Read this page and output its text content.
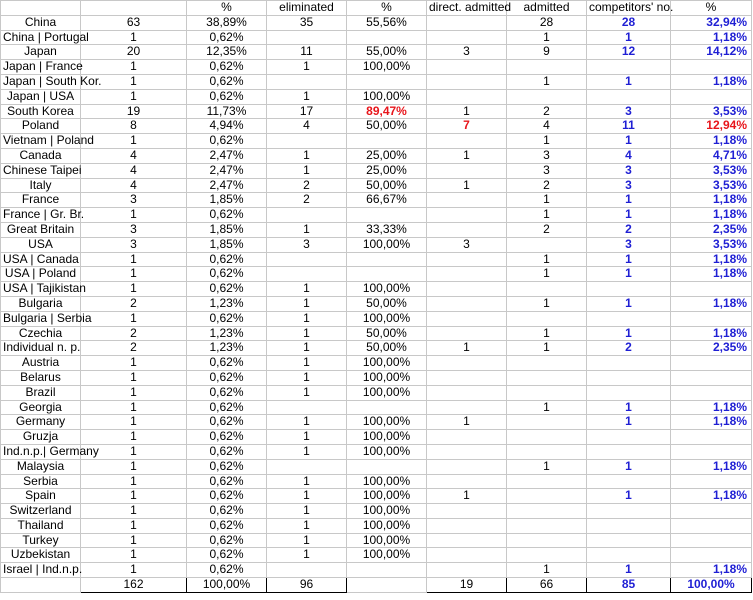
		%	eliminated	%	direct. admitted	admitted	competitors' no.	%
China	63	38,89%	35	55,56%		28	28	32,94%
China | Portugal	1	0,62%				1	1	1,18%
Japan	20	12,35%	11	55,00%	3	9	12	14,12%
Japan | France	1	0,62%	1	100,00%				
Japan | South Kor.	1	0,62%				1	1	1,18%
Japan | USA	1	0,62%	1	100,00%				
South Korea	19	11,73%	17	89,47%	1	2	3	3,53%
Poland	8	4,94%	4	50,00%	7	4	11	12,94%
Vietnam | Poland	1	0,62%				1	1	1,18%
Canada	4	2,47%	1	25,00%	1	3	4	4,71%
Chinese Taipei	4	2,47%	1	25,00%		3	3	3,53%
Italy	4	2,47%	2	50,00%	1	2	3	3,53%
France	3	1,85%	2	66,67%		1	1	1,18%
France | Gr. Br.	1	0,62%				1	1	1,18%
Great Britain	3	1,85%	1	33,33%		2	2	2,35%
USA	3	1,85%	3	100,00%	3		3	3,53%
USA | Canada	1	0,62%				1	1	1,18%
USA | Poland	1	0,62%				1	1	1,18%
USA | Tajikistan	1	0,62%	1	100,00%				
Bulgaria	2	1,23%	1	50,00%		1	1	1,18%
Bulgaria | Serbia	1	0,62%	1	100,00%				
Czechia	2	1,23%	1	50,00%		1	1	1,18%
Individual n. p.	2	1,23%	1	50,00%	1	1	2	2,35%
Austria	1	0,62%	1	100,00%				
Belarus	1	0,62%	1	100,00%				
Brazil	1	0,62%	1	100,00%				
Georgia	1	0,62%				1	1	1,18%
Germany	1	0,62%	1	100,00%	1		1	1,18%
Gruzja	1	0,62%	1	100,00%				
Ind.n.p.| Germany	1	0,62%	1	100,00%				
Malaysia	1	0,62%				1	1	1,18%
Serbia	1	0,62%	1	100,00%				
Spain	1	0,62%	1	100,00%	1		1	1,18%
Switzerland	1	0,62%	1	100,00%				
Thailand	1	0,62%	1	100,00%				
Turkey	1	0,62%	1	100,00%				
Uzbekistan	1	0,62%	1	100,00%				
Israel | Ind.n.p.	1	0,62%				1	1	1,18%
	162	100,00%	96		19	66	85	100,00%
